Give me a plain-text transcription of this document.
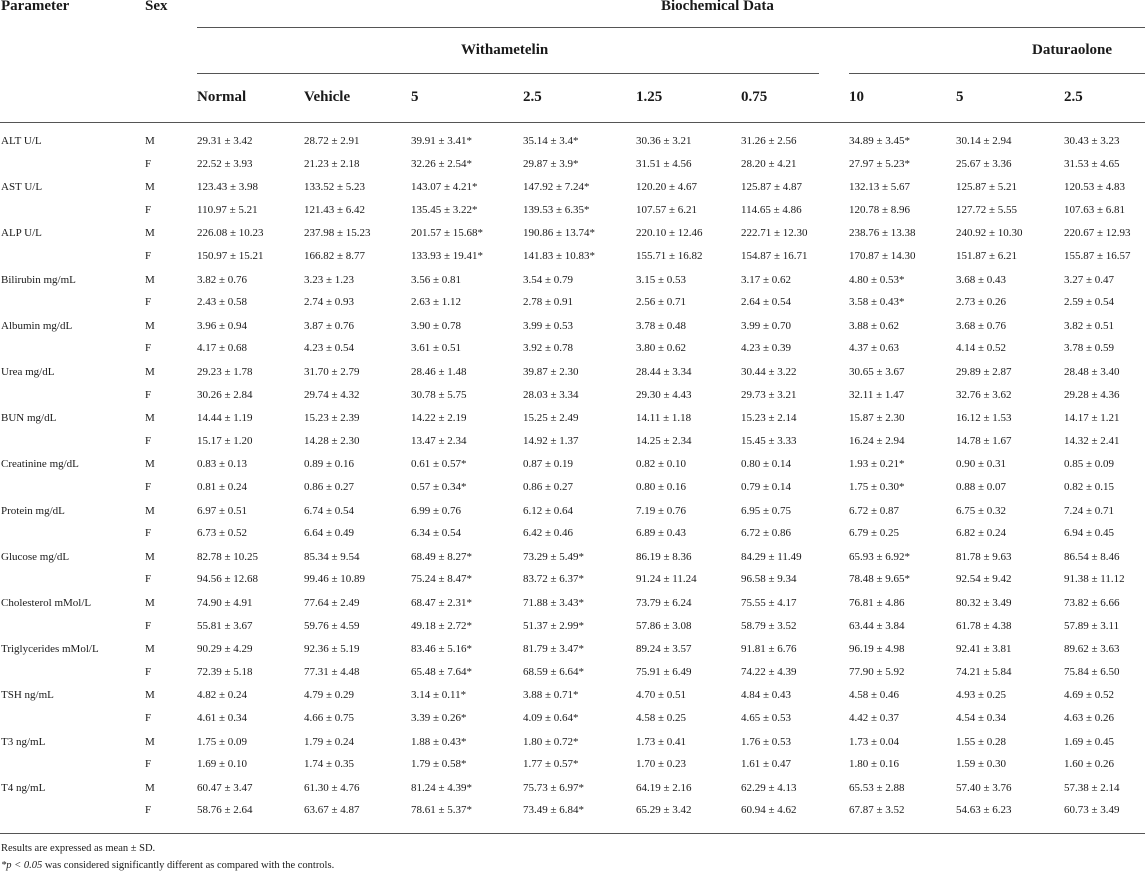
Parameter	Sex	Biochemical Data
Withametelin	Daturaolone
Normal	Vehicle	5	2.5	1.25	0.75	10	5	2.5
ALT U/L	M	29.31 ± 3.42	28.72 ± 2.91	39.91 ± 3.41*	35.14 ± 3.4*	30.36 ± 3.21	31.26 ± 2.56	34.89 ± 3.45*	30.14 ± 2.94	30.43 ± 3.23
F	22.52 ± 3.93	21.23 ± 2.18	32.26 ± 2.54*	29.87 ± 3.9*	31.51 ± 4.56	28.20 ± 4.21	27.97 ± 5.23*	25.67 ± 3.36	31.53 ± 4.65
AST U/L	M	123.43 ± 3.98	133.52 ± 5.23	143.07 ± 4.21*	147.92 ± 7.24*	120.20 ± 4.67	125.87 ± 4.87	132.13 ± 5.67	125.87 ± 5.21	120.53 ± 4.83
F	110.97 ± 5.21	121.43 ± 6.42	135.45 ± 3.22*	139.53 ± 6.35*	107.57 ± 6.21	114.65 ± 4.86	120.78 ± 8.96	127.72 ± 5.55	107.63 ± 6.81
ALP U/L	M	226.08 ± 10.23	237.98 ± 15.23	201.57 ± 15.68*	190.86 ± 13.74*	220.10 ± 12.46	222.71 ± 12.30	238.76 ± 13.38	240.92 ± 10.30	220.67 ± 12.93
F	150.97 ± 15.21	166.82 ± 8.77	133.93 ± 19.41*	141.83 ± 10.83*	155.71 ± 16.82	154.87 ± 16.71	170.87 ± 14.30	151.87 ± 6.21	155.87 ± 16.57
Bilirubin mg/mL	M	3.82 ± 0.76	3.23 ± 1.23	3.56 ± 0.81	3.54 ± 0.79	3.15 ± 0.53	3.17 ± 0.62	4.80 ± 0.53*	3.68 ± 0.43	3.27 ± 0.47
F	2.43 ± 0.58	2.74 ± 0.93	2.63 ± 1.12	2.78 ± 0.91	2.56 ± 0.71	2.64 ± 0.54	3.58 ± 0.43*	2.73 ± 0.26	2.59 ± 0.54
Albumin mg/dL	M	3.96 ± 0.94	3.87 ± 0.76	3.90 ± 0.78	3.99 ± 0.53	3.78 ± 0.48	3.99 ± 0.70	3.88 ± 0.62	3.68 ± 0.76	3.82 ± 0.51
F	4.17 ± 0.68	4.23 ± 0.54	3.61 ± 0.51	3.92 ± 0.78	3.80 ± 0.62	4.23 ± 0.39	4.37 ± 0.63	4.14 ± 0.52	3.78 ± 0.59
Urea mg/dL	M	29.23 ± 1.78	31.70 ± 2.79	28.46 ± 1.48	39.87 ± 2.30	28.44 ± 3.34	30.44 ± 3.22	30.65 ± 3.67	29.89 ± 2.87	28.48 ± 3.40
F	30.26 ± 2.84	29.74 ± 4.32	30.78 ± 5.75	28.03 ± 3.34	29.30 ± 4.43	29.73 ± 3.21	32.11 ± 1.47	32.76 ± 3.62	29.28 ± 4.36
BUN mg/dL	M	14.44 ± 1.19	15.23 ± 2.39	14.22 ± 2.19	15.25 ± 2.49	14.11 ± 1.18	15.23 ± 2.14	15.87 ± 2.30	16.12 ± 1.53	14.17 ± 1.21
F	15.17 ± 1.20	14.28 ± 2.30	13.47 ± 2.34	14.92 ± 1.37	14.25 ± 2.34	15.45 ± 3.33	16.24 ± 2.94	14.78 ± 1.67	14.32 ± 2.41
Creatinine mg/dL	M	0.83 ± 0.13	0.89 ± 0.16	0.61 ± 0.57*	0.87 ± 0.19	0.82 ± 0.10	0.80 ± 0.14	1.93 ± 0.21*	0.90 ± 0.31	0.85 ± 0.09
F	0.81 ± 0.24	0.86 ± 0.27	0.57 ± 0.34*	0.86 ± 0.27	0.80 ± 0.16	0.79 ± 0.14	1.75 ± 0.30*	0.88 ± 0.07	0.82 ± 0.15
Protein mg/dL	M	6.97 ± 0.51	6.74 ± 0.54	6.99 ± 0.76	6.12 ± 0.64	7.19 ± 0.76	6.95 ± 0.75	6.72 ± 0.87	6.75 ± 0.32	7.24 ± 0.71
F	6.73 ± 0.52	6.64 ± 0.49	6.34 ± 0.54	6.42 ± 0.46	6.89 ± 0.43	6.72 ± 0.86	6.79 ± 0.25	6.82 ± 0.24	6.94 ± 0.45
Glucose mg/dL	M	82.78 ± 10.25	85.34 ± 9.54	68.49 ± 8.27*	73.29 ± 5.49*	86.19 ± 8.36	84.29 ± 11.49	65.93 ± 6.92*	81.78 ± 9.63	86.54 ± 8.46
F	94.56 ± 12.68	99.46 ± 10.89	75.24 ± 8.47*	83.72 ± 6.37*	91.24 ± 11.24	96.58 ± 9.34	78.48 ± 9.65*	92.54 ± 9.42	91.38 ± 11.12
Cholesterol mMol/L	M	74.90 ± 4.91	77.64 ± 2.49	68.47 ± 2.31*	71.88 ± 3.43*	73.79 ± 6.24	75.55 ± 4.17	76.81 ± 4.86	80.32 ± 3.49	73.82 ± 6.66
F	55.81 ± 3.67	59.76 ± 4.59	49.18 ± 2.72*	51.37 ± 2.99*	57.86 ± 3.08	58.79 ± 3.52	63.44 ± 3.84	61.78 ± 4.38	57.89 ± 3.11
Triglycerides mMol/L	M	90.29 ± 4.29	92.36 ± 5.19	83.46 ± 5.16*	81.79 ± 3.47*	89.24 ± 3.57	91.81 ± 6.76	96.19 ± 4.98	92.41 ± 3.81	89.62 ± 3.63
F	72.39 ± 5.18	77.31 ± 4.48	65.48 ± 7.64*	68.59 ± 6.64*	75.91 ± 6.49	74.22 ± 4.39	77.90 ± 5.92	74.21 ± 5.84	75.84 ± 6.50
TSH ng/mL	M	4.82 ± 0.24	4.79 ± 0.29	3.14 ± 0.11*	3.88 ± 0.71*	4.70 ± 0.51	4.84 ± 0.43	4.58 ± 0.46	4.93 ± 0.25	4.69 ± 0.52
F	4.61 ± 0.34	4.66 ± 0.75	3.39 ± 0.26*	4.09 ± 0.64*	4.58 ± 0.25	4.65 ± 0.53	4.42 ± 0.37	4.54 ± 0.34	4.63 ± 0.26
T3 ng/mL	M	1.75 ± 0.09	1.79 ± 0.24	1.88 ± 0.43*	1.80 ± 0.72*	1.73 ± 0.41	1.76 ± 0.53	1.73 ± 0.04	1.55 ± 0.28	1.69 ± 0.45
F	1.69 ± 0.10	1.74 ± 0.35	1.79 ± 0.58*	1.77 ± 0.57*	1.70 ± 0.23	1.61 ± 0.47	1.80 ± 0.16	1.59 ± 0.30	1.60 ± 0.26
T4 ng/mL	M	60.47 ± 3.47	61.30 ± 4.76	81.24 ± 4.39*	75.73 ± 6.97*	64.19 ± 2.16	62.29 ± 4.13	65.53 ± 2.88	57.40 ± 3.76	57.38 ± 2.14
F	58.76 ± 2.64	63.67 ± 4.87	78.61 ± 5.37*	73.49 ± 6.84*	65.29 ± 3.42	60.94 ± 4.62	67.87 ± 3.52	54.63 ± 6.23	60.73 ± 3.49
Results are expressed as mean ± SD.
*p < 0.05 was considered significantly different as compared with the controls.
